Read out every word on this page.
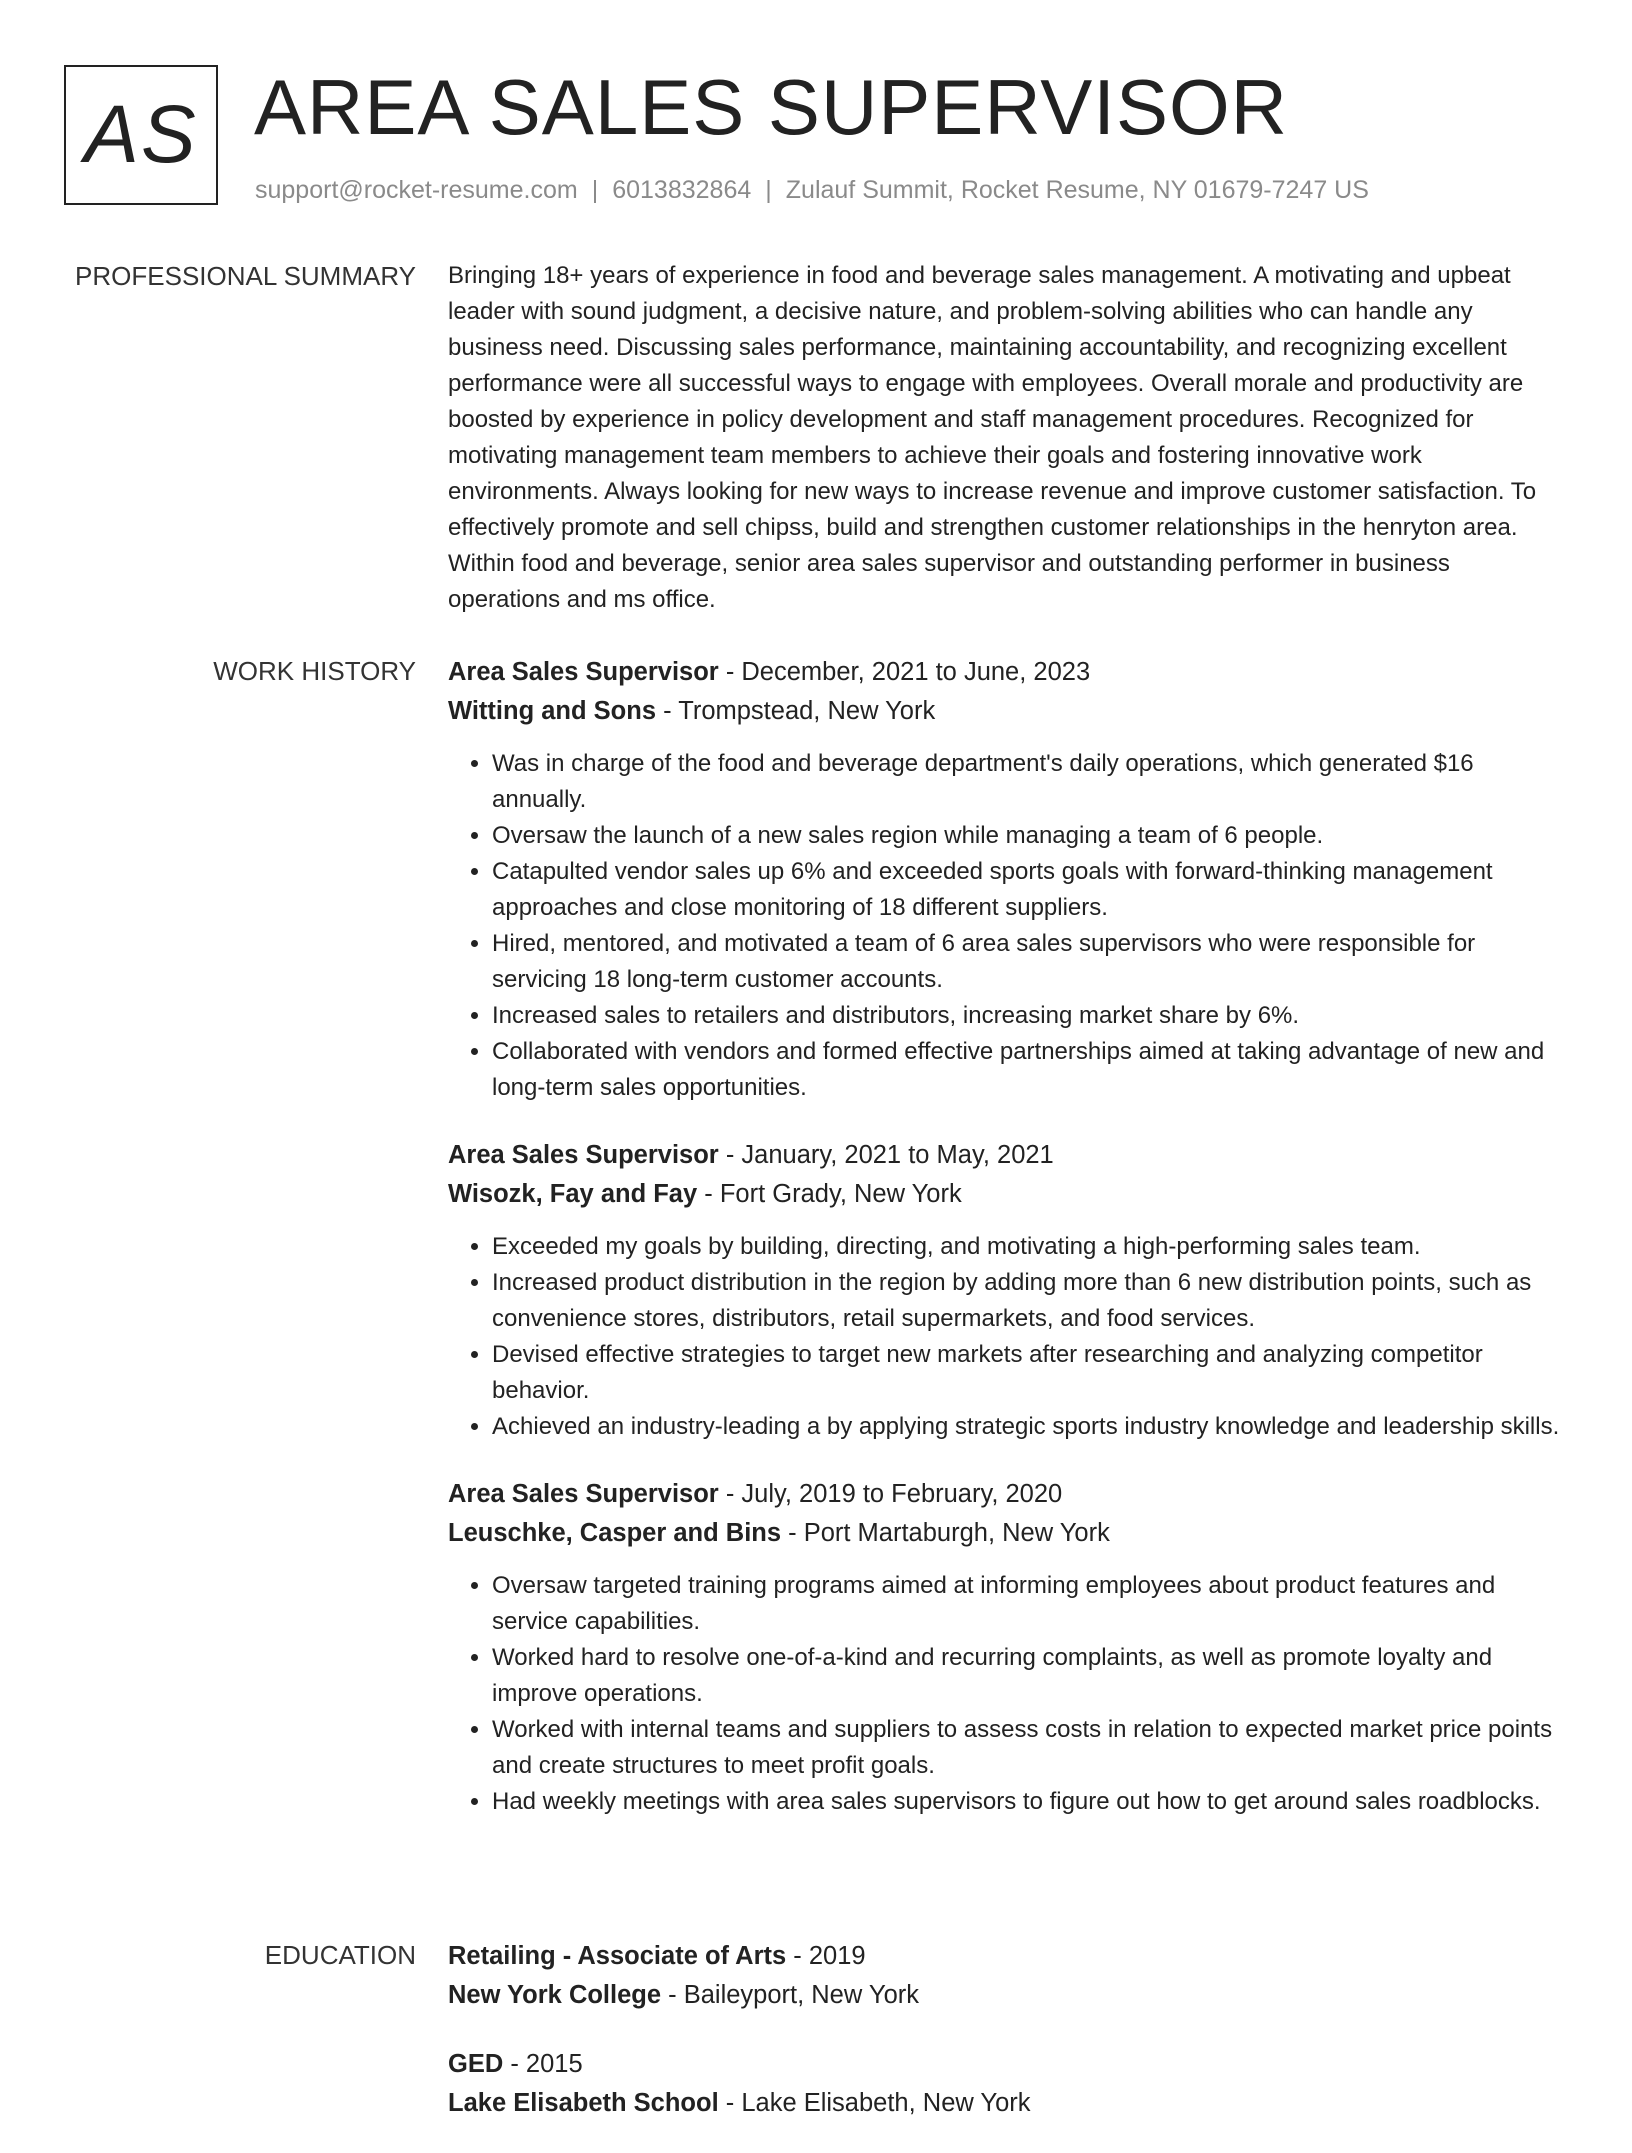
AS AREA SALES SUPERVISOR
support@rocket-resume.com | 6013832864 | Zulauf Summit, Rocket Resume, NY 01679-7247 US
PROFESSIONAL SUMMARY Bringing 18+ years of experience in food and beverage sales management. A motivating and upbeat leader with sound judgment, a decisive nature, and problem-solving abilities who can handle any business need. Discussing sales performance, maintaining accountability, and recognizing excellent performance were all successful ways to engage with employees. Overall morale and productivity are boosted by experience in policy development and staff management procedures. Recognized for motivating management team members to achieve their goals and fostering innovative work environments. Always looking for new ways to increase revenue and improve customer satisfaction. To effectively promote and sell chipss, build and strengthen customer relationships in the henryton area. Within food and beverage, senior area sales supervisor and outstanding performer in business operations and ms office.

WORK HISTORY Area Sales Supervisor - December, 2021 to June, 2023
Witting and Sons - Trompstead, New York
• Was in charge of the food and beverage department's daily operations, which generated $16 annually.
• Oversaw the launch of a new sales region while managing a team of 6 people.
• Catapulted vendor sales up 6% and exceeded sports goals with forward-thinking management approaches and close monitoring of 18 different suppliers.
• Hired, mentored, and motivated a team of 6 area sales supervisors who were responsible for servicing 18 long-term customer accounts.
• Increased sales to retailers and distributors, increasing market share by 6%.
• Collaborated with vendors and formed effective partnerships aimed at taking advantage of new and long-term sales opportunities.
Area Sales Supervisor - January, 2021 to May, 2021
Wisozk, Fay and Fay - Fort Grady, New York
• Exceeded my goals by building, directing, and motivating a high-performing sales team.
• Increased product distribution in the region by adding more than 6 new distribution points, such as convenience stores, distributors, retail supermarkets, and food services.
• Devised effective strategies to target new markets after researching and analyzing competitor behavior.
• Achieved an industry-leading a by applying strategic sports industry knowledge and leadership skills.
Area Sales Supervisor - July, 2019 to February, 2020
Leuschke, Casper and Bins - Port Martaburgh, New York
• Oversaw targeted training programs aimed at informing employees about product features and service capabilities.
• Worked hard to resolve one-of-a-kind and recurring complaints, as well as promote loyalty and improve operations.
• Worked with internal teams and suppliers to assess costs in relation to expected market price points and create structures to meet profit goals.
• Had weekly meetings with area sales supervisors to figure out how to get around sales roadblocks.
EDUCATION Retailing - Associate of Arts - 2019
New York College - Baileyport, New York
GED - 2015
Lake Elisabeth School - Lake Elisabeth, New York
